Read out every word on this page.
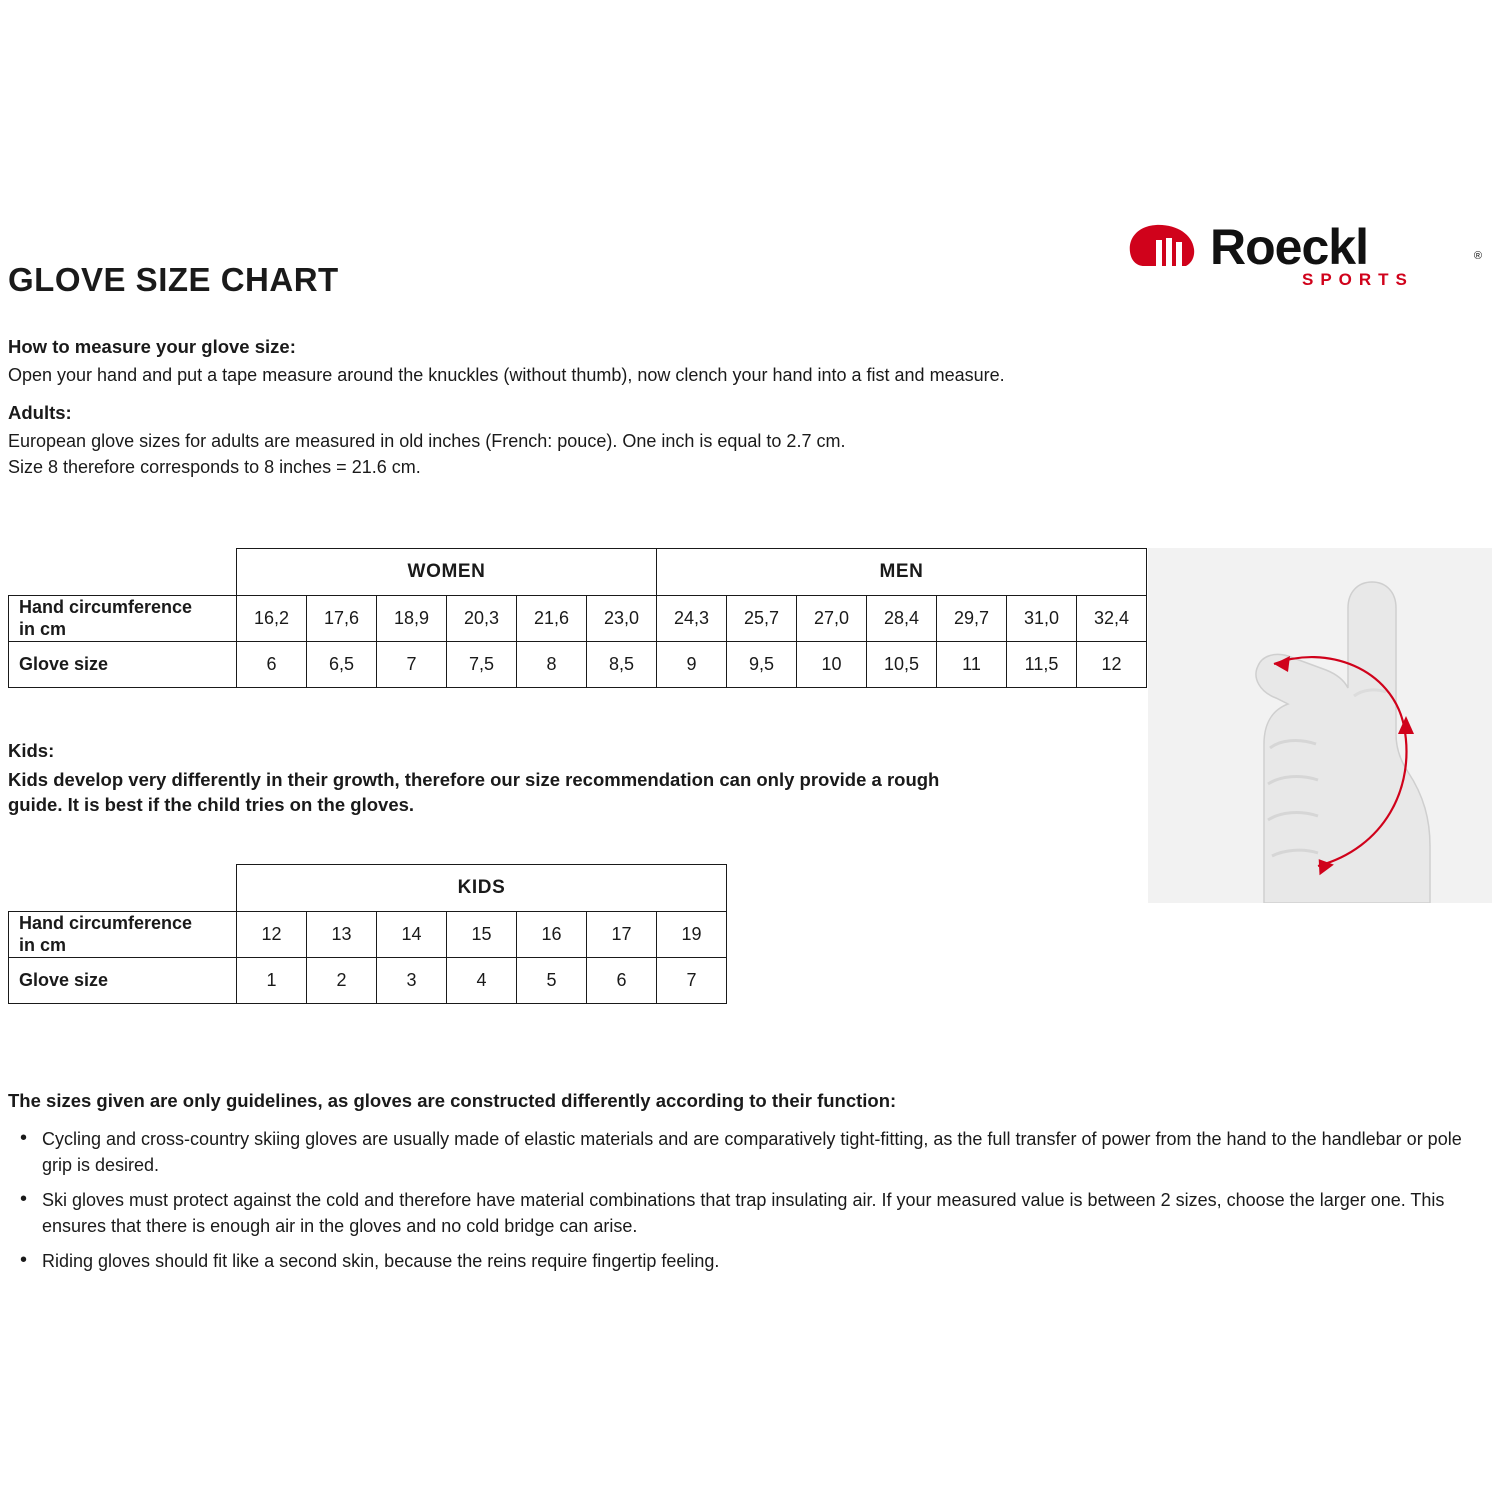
GLOVE SIZE CHART
Roeckl	®
SPORTS

How to measure your glove size:

Open your hand and put a tape measure around the knuckles (without thumb), now clench your hand into a fist and measure.

Adults:

European glove sizes for adults are measured in old inches (French: pouce). One inch is equal to 2.7 cm.

Size 8 therefore corresponds to 8 inches = 21.6 cm.

	WOMEN						MEN						

Hand circumference
in cm	16,2	17,6	18,9	20,3	21,6	23,0	24,3	25,7	27,0	28,4	29,7	31,0	32,4

Glove size	6	6,5	7	7,5	8	8,5	9	9,5	10	10,5	11	11,5	12

Kids:

Kids develop very differently in their growth, therefore our size recommendation can only provide a rough

guide. It is best if the child tries on the gloves.

	KIDS						

Hand circumference
in cm	12	13	14	15	16	17	19

Glove size	1	2	3	4	5	6	7

The sizes given are only guidelines, as gloves are constructed differently according to their function:

• Cycling and cross-country skiing gloves are usually made of elastic materials and are comparatively tight-fitting, as the full transfer of power from the hand to the handlebar or pole grip is desired.
• Ski gloves must protect against the cold and therefore have material combinations that trap insulating air. If your measured value is between 2 sizes, choose the larger one. This ensures that there is enough air in the gloves and no cold bridge can arise.
• Riding gloves should fit like a second skin, because the reins require fingertip feeling.
